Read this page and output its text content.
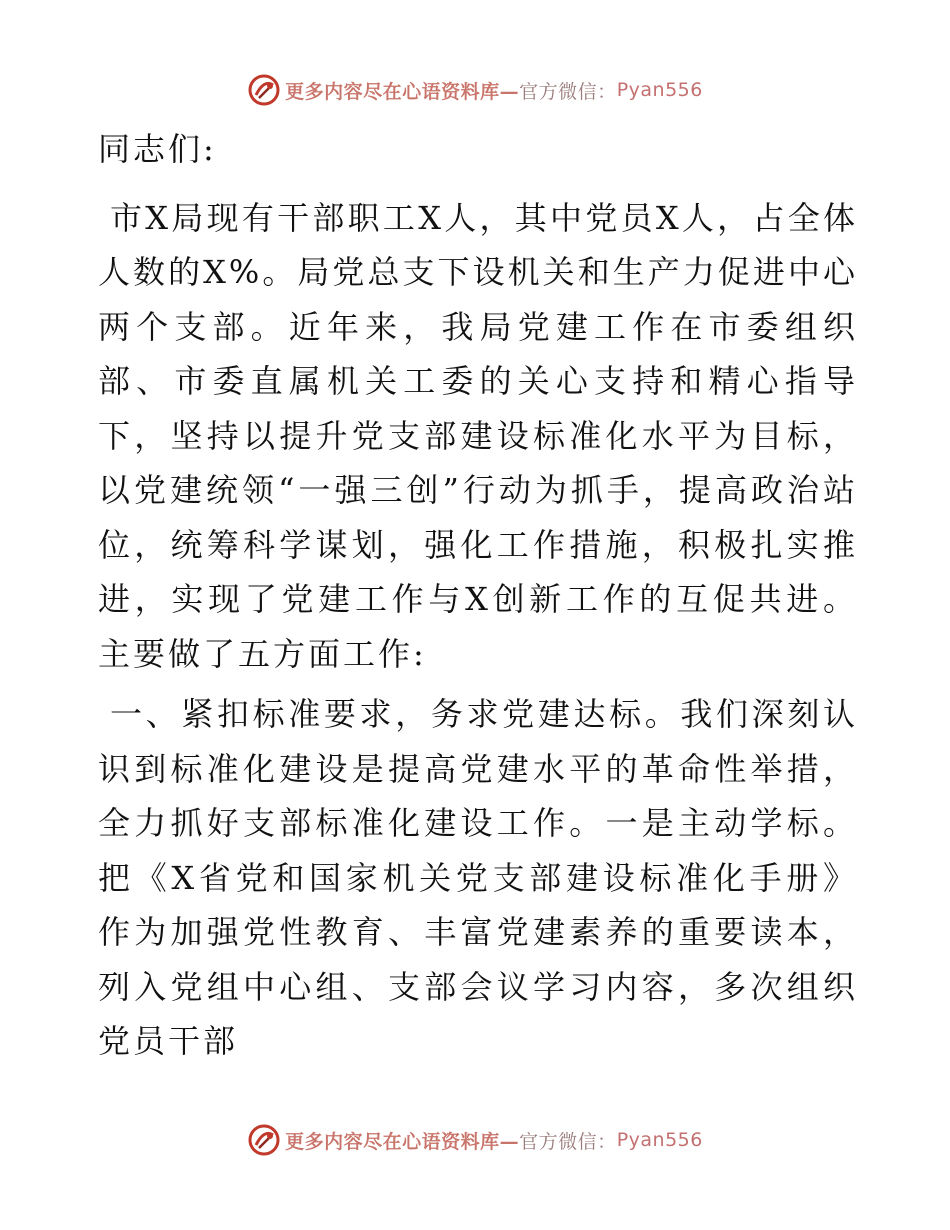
更多内容尽在心语资料库— 官方微信： Pyan556

同志们:

市X局现有干部职工X人，其中党员X人，占全体人数的X%。局党总支下设机关和生产力促进中心两个支部。近年来，我局党建工作在市委组织部、市委直属机关工委的关心支持和精心指导下，坚持以提升党支部建设标准化水平为目标，以党建统领“一强三创”行动为抓手，提高政治站位，统筹科学谋划，强化工作措施，积极扎实推进，实现了党建工作与X创新工作的互促共进。主要做了五方面工作:

一、紧扣标准要求，务求党建达标。我们深刻认识到标准化建设是提高党建水平的革命性举措，全力抓好支部标准化建设工作。一是主动学标。把《X省党和国家机关党支部建设标准化手册》作为加强党性教育、丰富党建素养的重要读本，列入党组中心组、支部会议学习内容，多次组织党员干部

更多内容尽在心语资料库— 官方微信： Pyan556
